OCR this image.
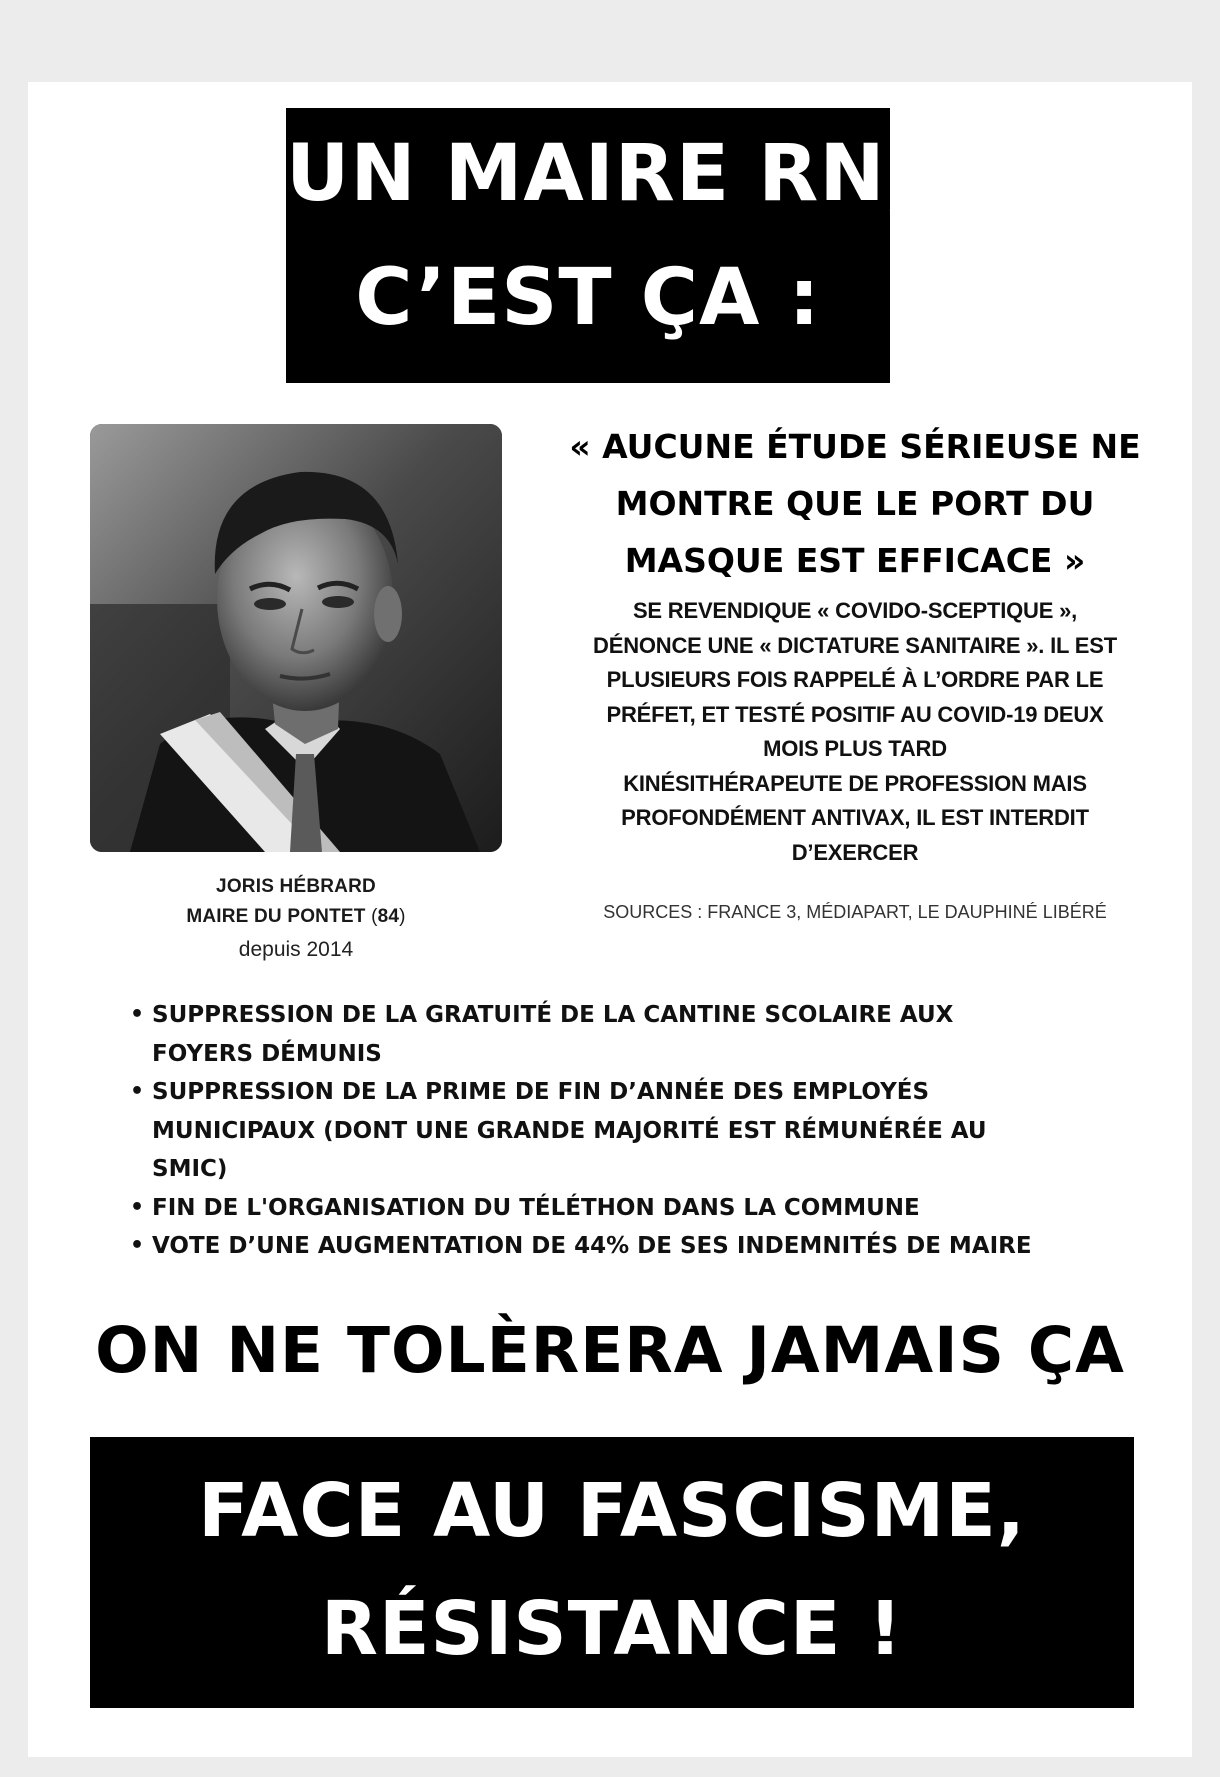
UN MAIRE RN,
C’EST ÇA :
JORIS HÉBRARD
MAIRE DU PONTET (84)
depuis 2014
« AUCUNE ÉTUDE SÉRIEUSE NE
MONTRE QUE LE PORT DU
MASQUE EST EFFICACE »
SE REVENDIQUE « COVIDO-SCEPTIQUE »,
DÉNONCE UNE « DICTATURE SANITAIRE ». IL EST
PLUSIEURS FOIS RAPPELÉ À L’ORDRE PAR LE
PRÉFET, ET TESTÉ POSITIF AU COVID-19 DEUX
MOIS PLUS TARD
KINÉSITHÉRAPEUTE DE PROFESSION MAIS
PROFONDÉMENT ANTIVAX, IL EST INTERDIT
D’EXERCER
SOURCES : FRANCE 3, MÉDIAPART, LE DAUPHINÉ LIBÉRÉ
• SUPPRESSION DE LA GRATUITÉ DE LA CANTINE SCOLAIRE AUX
FOYERS DÉMUNIS
• SUPPRESSION DE LA PRIME DE FIN D’ANNÉE DES EMPLOYÉS
MUNICIPAUX (DONT UNE GRANDE MAJORITÉ EST RÉMUNÉRÉE AU
SMIC)
• FIN DE L'ORGANISATION DU TÉLÉTHON DANS LA COMMUNE
• VOTE D’UNE AUGMENTATION DE 44% DE SES INDEMNITÉS DE MAIRE
ON NE TOLÈRERA JAMAIS ÇA
FACE AU FASCISME,
RÉSISTANCE !
